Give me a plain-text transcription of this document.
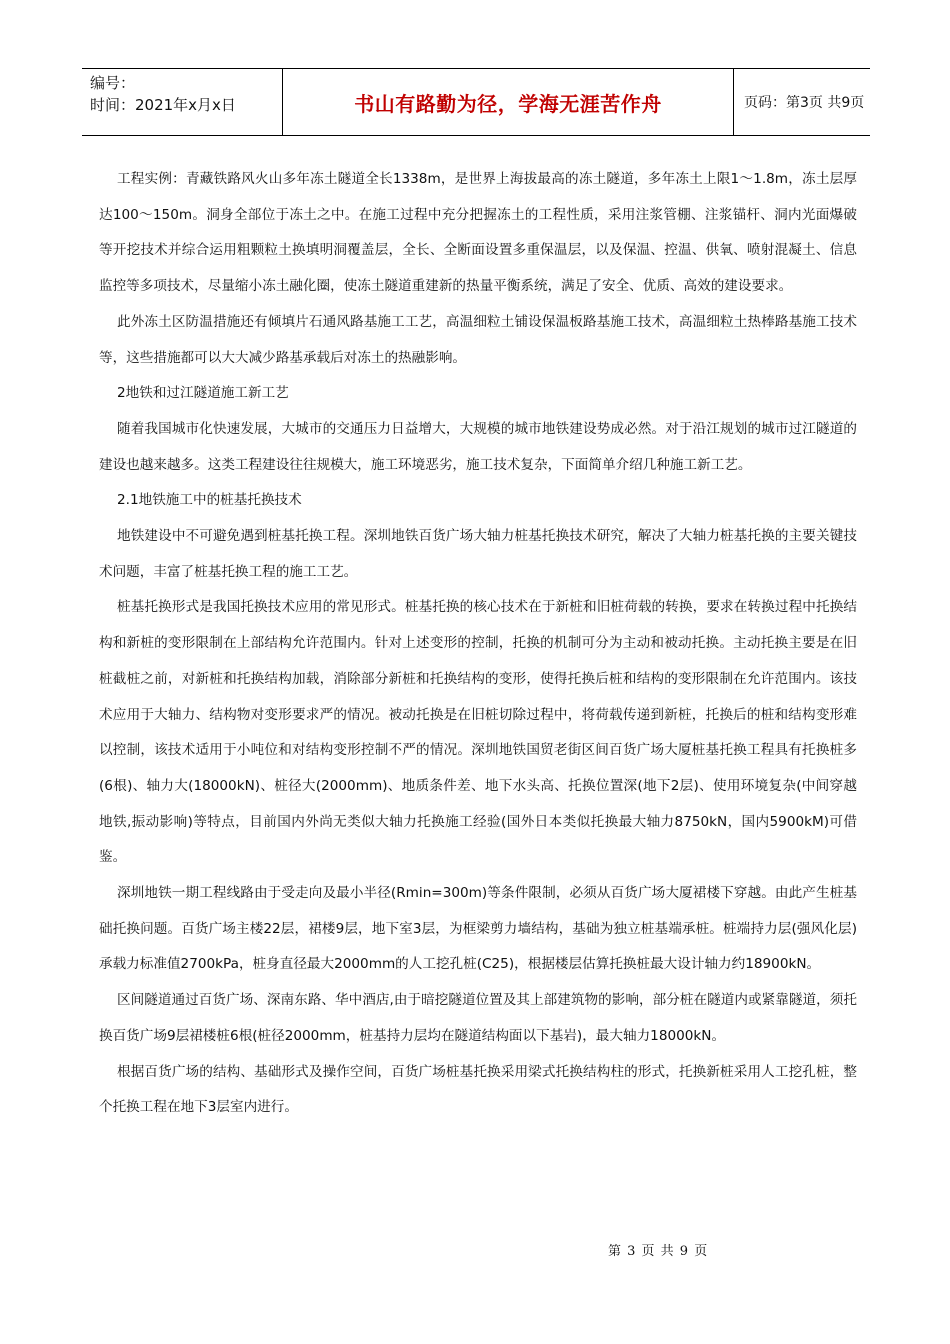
编号：
时间：2021年x月x日	书山有路勤为径，学海无涯苦作舟	页码：第3页 共9页

工程实例：青藏铁路风火山多年冻土隧道全长1338m，是世界上海拔最高的冻土隧道，多年冻土上限1～1.8m，冻土层厚达100～150m。洞身全部位于冻土之中。在施工过程中充分把握冻土的工程性质，采用注浆管棚、注浆锚杆、洞内光面爆破等开挖技术并综合运用粗颗粒土换填明洞覆盖层，全长、全断面设置多重保温层，以及保温、控温、供氧、喷射混凝土、信息监控等多项技术，尽量缩小冻土融化圈，使冻土隧道重建新的热量平衡系统，满足了安全、优质、高效的建设要求。

此外冻土区防温措施还有倾填片石通风路基施工工艺，高温细粒土铺设保温板路基施工技术，高温细粒土热棒路基施工技术等，这些措施都可以大大减少路基承载后对冻土的热融影响。

2地铁和过江隧道施工新工艺

随着我国城市化快速发展，大城市的交通压力日益增大，大规模的城市地铁建设势成必然。对于沿江规划的城市过江隧道的建设也越来越多。这类工程建设往往规模大，施工环境恶劣，施工技术复杂，下面简单介绍几种施工新工艺。

2.1地铁施工中的桩基托换技术

地铁建设中不可避免遇到桩基托换工程。深圳地铁百货广场大轴力桩基托换技术研究，解决了大轴力桩基托换的主要关键技术问题，丰富了桩基托换工程的施工工艺。

桩基托换形式是我国托换技术应用的常见形式。桩基托换的核心技术在于新桩和旧桩荷载的转换，要求在转换过程中托换结构和新桩的变形限制在上部结构允许范围内。针对上述变形的控制，托换的机制可分为主动和被动托换。主动托换主要是在旧桩截桩之前，对新桩和托换结构加载，消除部分新桩和托换结构的变形，使得托换后桩和结构的变形限制在允许范围内。该技术应用于大轴力、结构物对变形要求严的情况。被动托换是在旧桩切除过程中，将荷载传递到新桩，托换后的桩和结构变形难以控制，该技术适用于小吨位和对结构变形控制不严的情况。深圳地铁国贸老街区间百货广场大厦桩基托换工程具有托换桩多(6根)、轴力大(18000kN)、桩径大(2000mm)、地质条件差、地下水头高、托换位置深(地下2层)、使用环境复杂(中间穿越地铁,振动影响)等特点，目前国内外尚无类似大轴力托换施工经验(国外日本类似托换最大轴力8750kN，国内5900kM)可借鉴。

深圳地铁一期工程线路由于受走向及最小半径(Rmin=300m)等条件限制，必须从百货广场大厦裙楼下穿越。由此产生桩基础托换问题。百货广场主楼22层，裙楼9层，地下室3层，为框梁剪力墙结构，基础为独立桩基端承桩。桩端持力层(强风化层)承载力标准值2700kPa，桩身直径最大2000mm的人工挖孔桩(C25)，根据楼层估算托换桩最大设计轴力约18900kN。

区间隧道通过百货广场、深南东路、华中酒店,由于暗挖隧道位置及其上部建筑物的影响，部分桩在隧道内或紧靠隧道，须托换百货广场9层裙楼桩6根(桩径2000mm，桩基持力层均在隧道结构面以下基岩)，最大轴力18000kN。

根据百货广场的结构、基础形式及操作空间，百货广场桩基托换采用梁式托换结构柱的形式，托换新桩采用人工挖孔桩，整个托换工程在地下3层室内进行。

第 3 页 共 9 页
